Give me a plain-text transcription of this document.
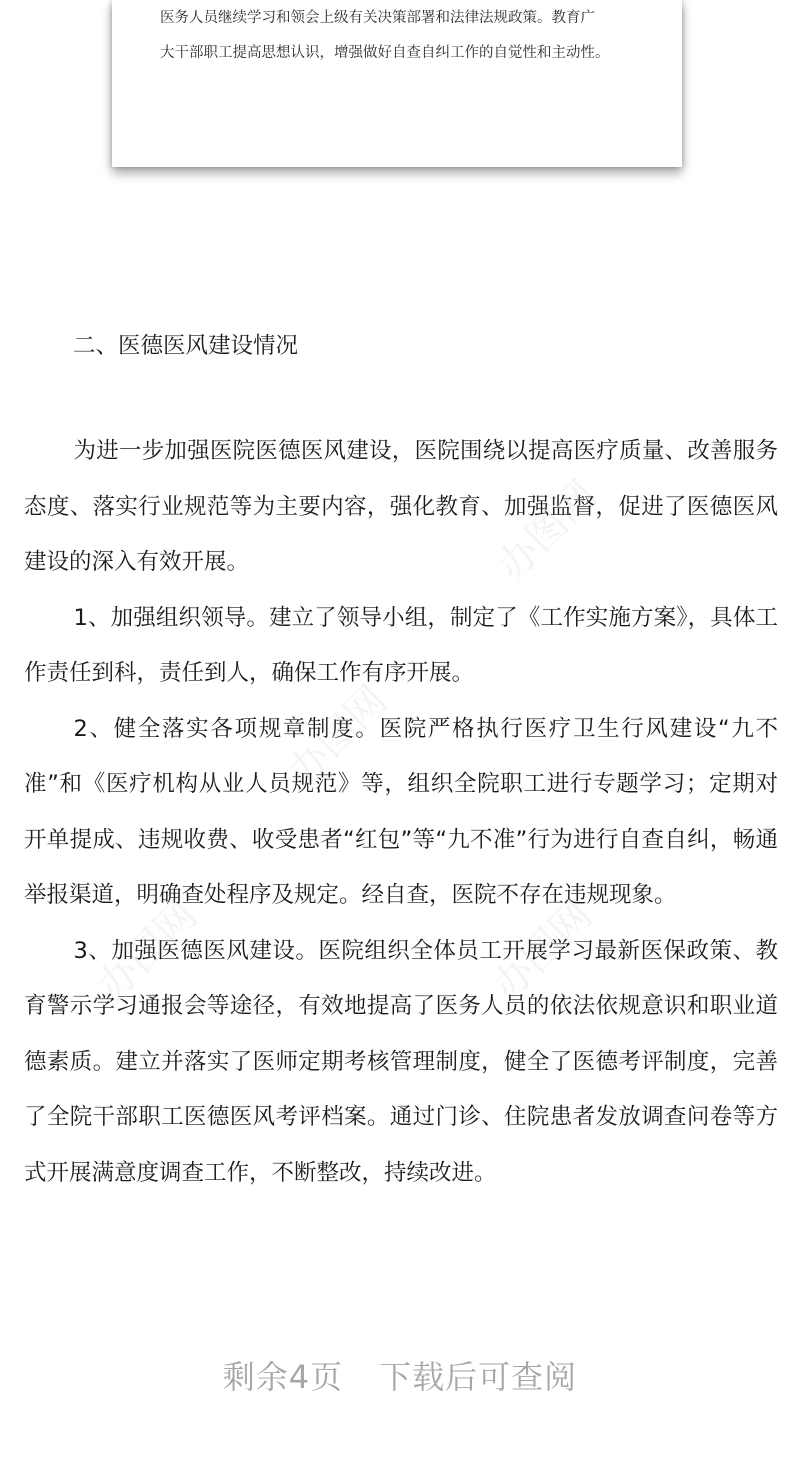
医务人员继续学习和领会上级有关决策部署和法律法规政策。教育广

大干部职工提高思想认识，增强做好自查自纠工作的自觉性和主动性。

二、医德医风建设情况

为进一步加强医院医德医风建设，医院围绕以提高医疗质量、改善服务态度、落实行业规范等为主要内容，强化教育、加强监督，促进了医德医风建设的深入有效开展。

1、加强组织领导。建立了领导小组，制定了《工作实施方案》，具体工作责任到科，责任到人，确保工作有序开展。

2、健全落实各项规章制度。医院严格执行医疗卫生行风建设“九不准”和《医疗机构从业人员规范》等，组织全院职工进行专题学习；定期对开单提成、违规收费、收受患者“红包”等“九不准”行为进行自查自纠，畅通举报渠道，明确查处程序及规定。经自查，医院不存在违规现象。

3、加强医德医风建设。医院组织全体员工开展学习最新医保政策、教育警示学习通报会等途径，有效地提高了医务人员的依法依规意识和职业道德素质。建立并落实了医师定期考核管理制度，健全了医德考评制度，完善了全院干部职工医德医风考评档案。通过门诊、住院患者发放调查问卷等方式开展满意度调查工作，不断整改，持续改进。

办图网
办图网
办图网	办图网

剩余4页 下载后可查阅
